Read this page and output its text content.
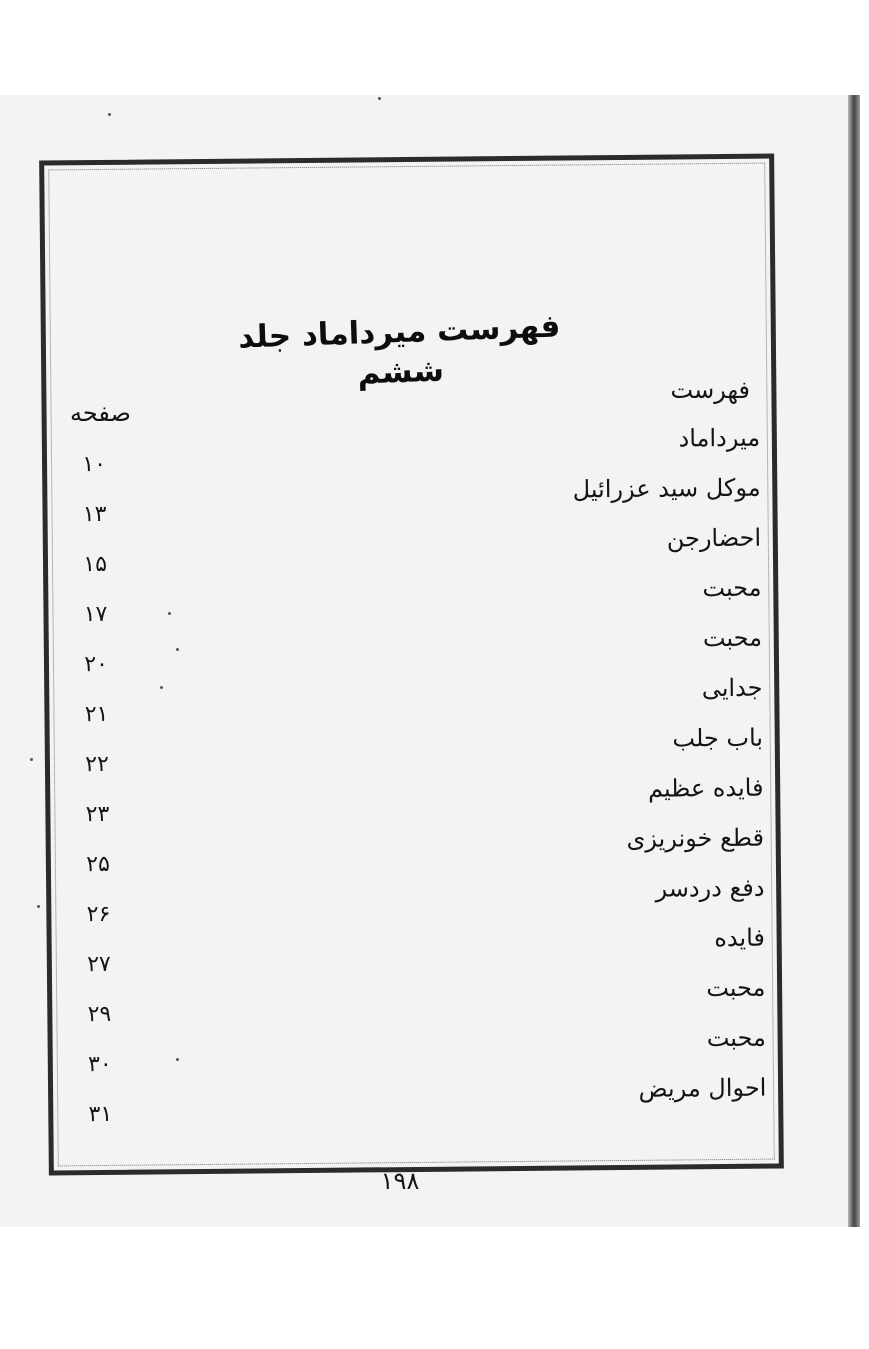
فهرست میرداماد جلد ششم	فهرست
صفحه
میرداماد
۱۰
موکل سید عزرائیل
۱۳
احضارجن
۱۵
محبت
۱۷
محبت
۲۰
جدایی
۲۱
باب جلب
۲۲
فایده عظیم
۲۳
قطع خونریزی
۲۵
دفع دردسر
۲۶
فایده
۲۷
محبت
۲۹
محبت
۳۰
احوال مریض
۳۱
۱۹۸
